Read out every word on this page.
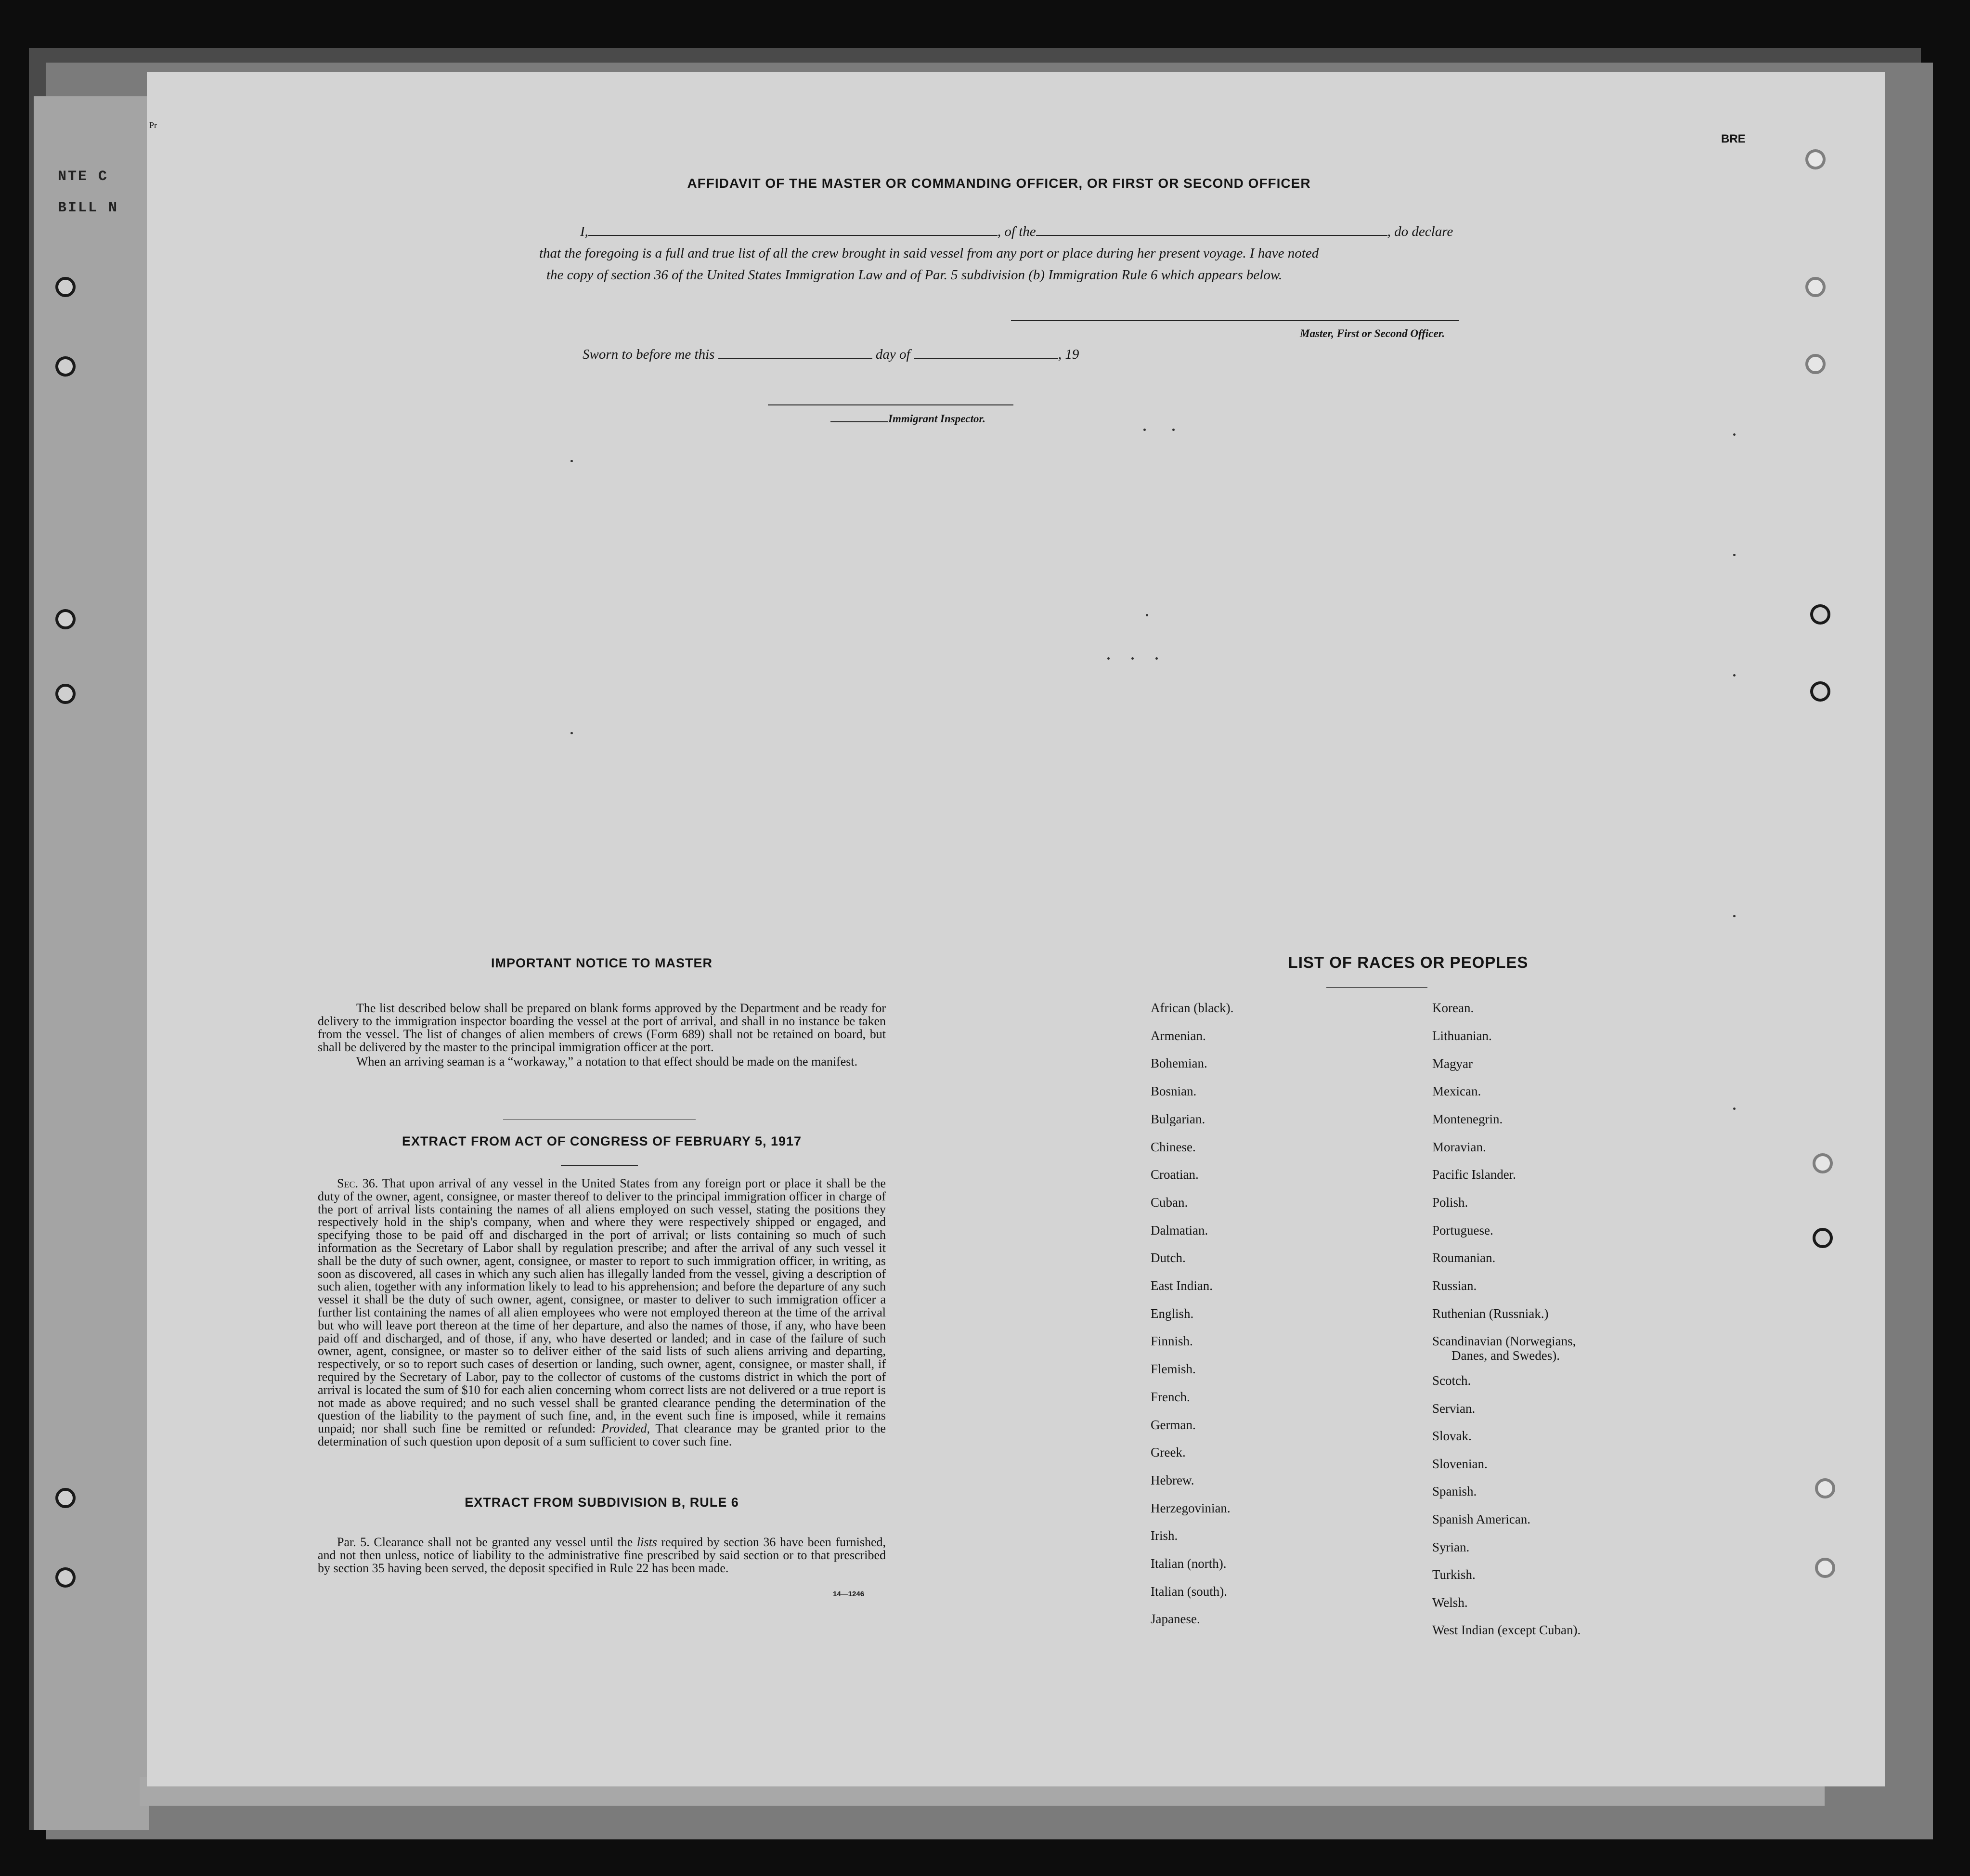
NTE C
BILL N
BRE
Pr
AFFIDAVIT OF THE MASTER OR COMMANDING OFFICER, OR FIRST OR SECOND OFFICER
I,	, of the	, do declare
that the foregoing is a full and true list of all the crew brought in said vessel from any port or place during her present voyage. I have noted
the copy of section 36 of the United States Immigration Law and of Par. 5 subdivision (b) Immigration Rule 6 which appears below.
Master, First or Second Officer.
Sworn to before me this	day of	, 19
Immigrant Inspector.
IMPORTANT NOTICE TO MASTER

The list described below shall be prepared on blank forms approved by the Department and be ready for delivery to the immigration inspector boarding the vessel at the port of arrival, and shall in no instance be taken from the vessel. The list of changes of alien members of crews (Form 689) shall not be retained on board, but shall be delivered by the master to the principal immigration officer at the port.

When an arriving seaman is a “workaway,” a notation to that effect should be made on the manifest.

EXTRACT FROM ACT OF CONGRESS OF FEBRUARY 5, 1917
Sec. 36. That upon arrival of any vessel in the United States from any foreign port or place it shall be the duty of the owner, agent, consignee, or master thereof to deliver to the principal immigration officer in charge of the port of arrival lists containing the names of all aliens employed on such vessel, stating the positions they respectively hold in the ship's company, when and where they were respectively shipped or engaged, and specifying those to be paid off and discharged in the port of arrival; or lists containing so much of such information as the Secretary of Labor shall by regulation prescribe; and after the arrival of any such vessel it shall be the duty of such owner, agent, consignee, or master to report to such immigration officer, in writing, as soon as discovered, all cases in which any such alien has illegally landed from the vessel, giving a description of such alien, together with any information likely to lead to his apprehension; and before the departure of any such vessel it shall be the duty of such owner, agent, consignee, or master to deliver to such immigration officer a further list containing the names of all alien employees who were not employed thereon at the time of the arrival but who will leave port thereon at the time of her departure, and also the names of those, if any, who have been paid off and discharged, and of those, if any, who have deserted or landed; and in case of the failure of such owner, agent, consignee, or master so to deliver either of the said lists of such aliens arriving and departing, respectively, or so to report such cases of desertion or landing, such owner, agent, consignee, or master shall, if required by the Secretary of Labor, pay to the collector of customs of the customs district in which the port of arrival is located the sum of $10 for each alien concerning whom correct lists are not delivered or a true report is not made as above required; and no such vessel shall be granted clearance pending the determination of the question of the liability to the payment of such fine, and, in the event such fine is imposed, while it remains unpaid; nor shall such fine be remitted or refunded: Provided, That clearance may be granted prior to the determination of such question upon deposit of a sum sufficient to cover such fine.
EXTRACT FROM SUBDIVISION B, RULE 6
Par. 5. Clearance shall not be granted any vessel until the lists required by section 36 have been furnished, and not then unless, notice of liability to the administrative fine prescribed by said section or to that prescribed by section 35 having been served, the deposit specified in Rule 22 has been made.
14—1246
LIST OF RACES OR PEOPLES
African (black).
Armenian.
Bohemian.
Bosnian.
Bulgarian.
Chinese.
Croatian.
Cuban.
Dalmatian.
Dutch.
East Indian.
English.
Finnish.
Flemish.
French.
German.
Greek.
Hebrew.
Herzegovinian.
Irish.
Italian (north).
Italian (south).
Japanese.
Korean.
Lithuanian.
Magyar
Mexican.
Montenegrin.
Moravian.
Pacific Islander.
Polish.
Portuguese.
Roumanian.
Russian.
Ruthenian (Russniak.)
Scandinavian (Norwegians,
Danes, and Swedes).
Scotch.
Servian.
Slovak.
Slovenian.
Spanish.
Spanish American.
Syrian.
Turkish.
Welsh.
West Indian (except Cuban).
